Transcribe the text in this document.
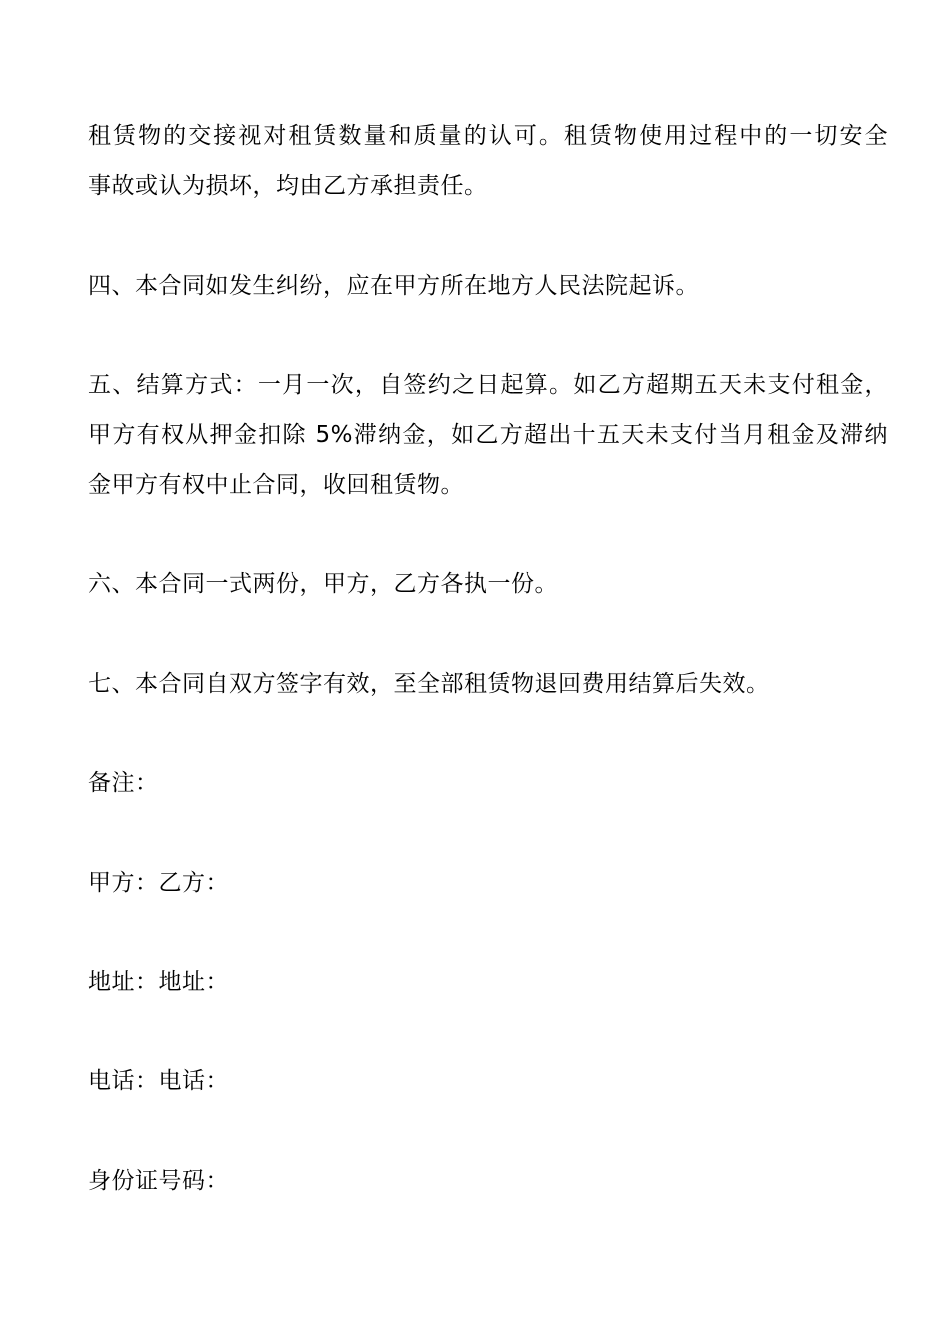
租赁物的交接视对租赁数量和质量的认可。租赁物使用过程中的一切安全
事故或认为损坏，均由乙方承担责任。

四、本合同如发生纠纷，应在甲方所在地方人民法院起诉。

五、结算方式：一月一次，自签约之日起算。如乙方超期五天未支付租金，
甲方有权从押金扣除 5%滞纳金，如乙方超出十五天未支付当月租金及滞纳
金甲方有权中止合同，收回租赁物。

六、本合同一式两份，甲方，乙方各执一份。

七、本合同自双方签字有效，至全部租赁物退回费用结算后失效。

备注：

甲方：乙方：

地址：地址：

电话：电话：

身份证号码：
